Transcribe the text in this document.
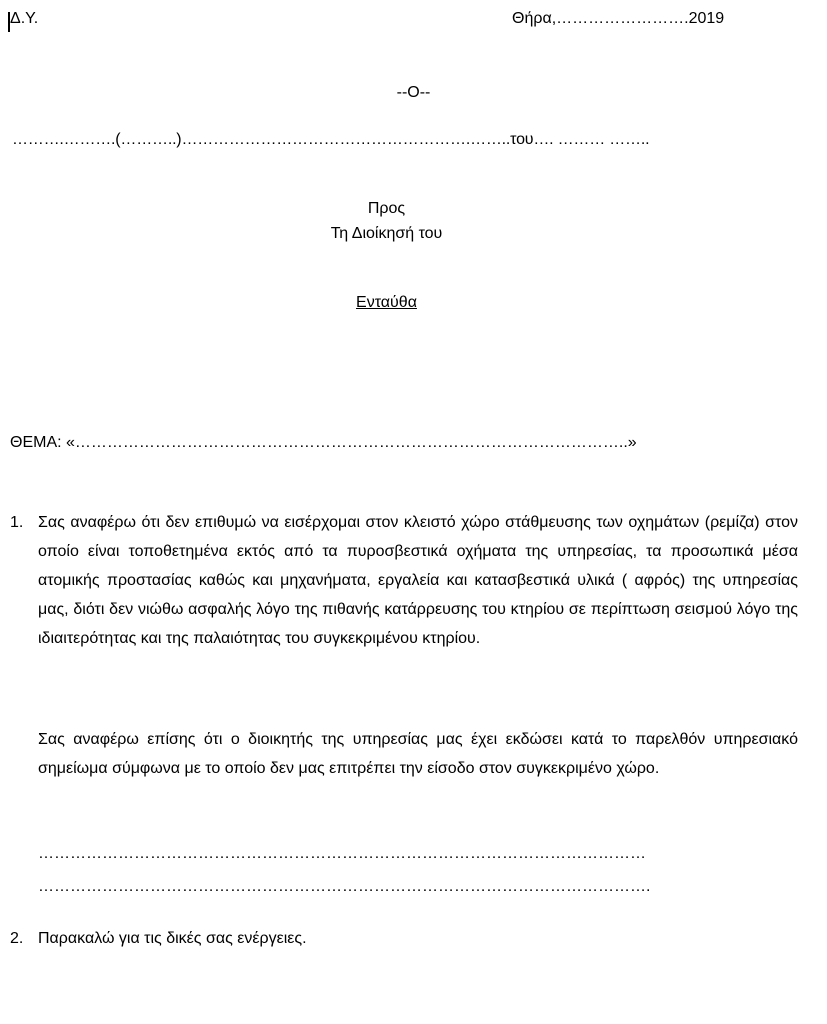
Δ.Υ.	Θήρα,…………………….2019
--O--
……….……….(………..)……………………………………………….……..του…. ……… ……..
Προς
Τη Διοίκησή του
Ενταύθα
ΘΕΜΑ: «…………………………………………………………………………………………..»
1. Σας αναφέρω ότι δεν επιθυμώ να εισέρχομαι στον κλειστό χώρο στάθμευσης των οχημάτων (ρεμίζα) στον οποίο είναι τοποθετημένα εκτός από τα πυροσβεστικά οχήματα της υπηρεσίας, τα προσωπικά μέσα ατομικής προστασίας καθώς και μηχανήματα, εργαλεία και κατασβεστικά υλικά ( αφρός) της υπηρεσίας μας, διότι δεν νιώθω ασφαλής λόγο της πιθανής κατάρρευσης του κτηρίου σε περίπτωση σεισμού λόγο της ιδιαιτερότητας και της παλαιότητας του συγκεκριμένου κτηρίου.
Σας αναφέρω επίσης ότι ο διοικητής της υπηρεσίας μας έχει εκδώσει κατά το παρελθόν υπηρεσιακό σημείωμα σύμφωνα με το οποίο δεν μας επιτρέπει την είσοδο στον συγκεκριμένο χώρο.
……………………………………………………………………………………………………
…………………………………………………………………………………………………….
2. Παρακαλώ για τις δικές σας ενέργειες.
